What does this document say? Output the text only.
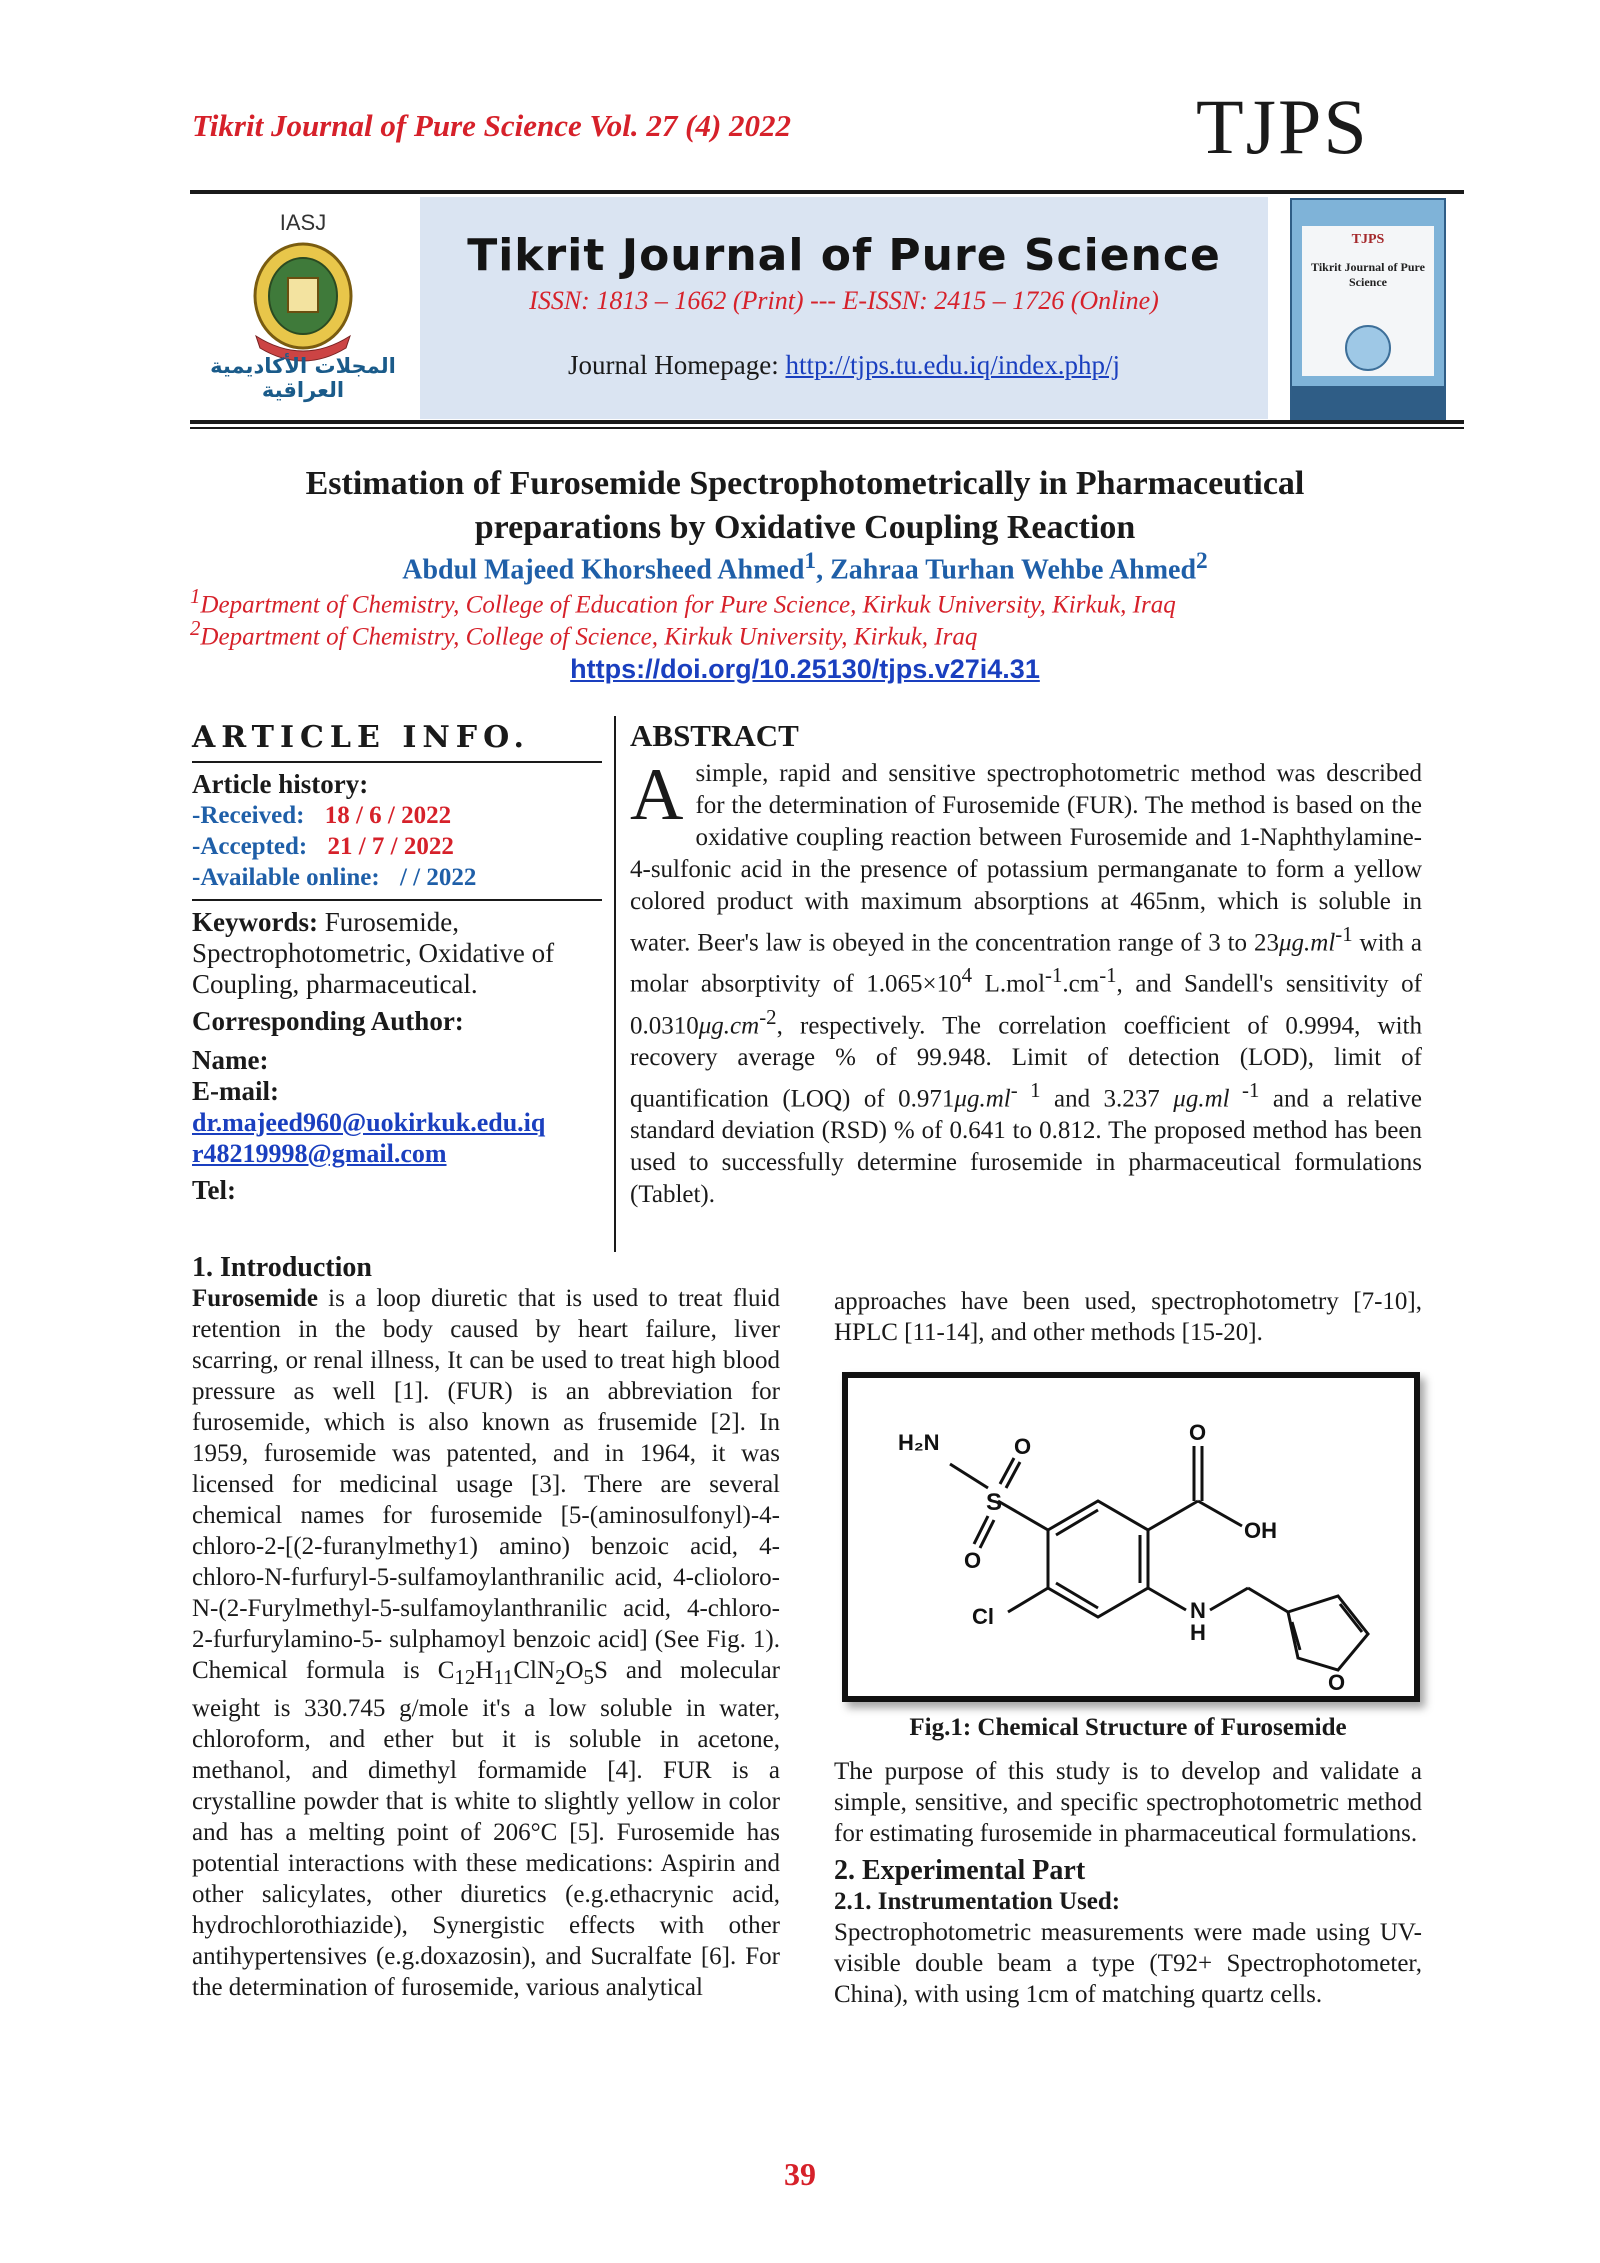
Tikrit Journal of Pure Science Vol. 27 (4) 2022	TJPS
IASJ
المجلات الأكاديمية العراقية
Tikrit Journal of Pure Science
ISSN: 1813 – 1662 (Print) --- E-ISSN: 2415 – 1726 (Online)
Journal Homepage: http://tjps.tu.edu.iq/index.php/j
TJPS
Tikrit Journal of Pure Science
Estimation of Furosemide Spectrophotometrically in Pharmaceutical
preparations by Oxidative Coupling Reaction
Abdul Majeed Khorsheed Ahmed$^1$, Zahraa Turhan Wehbe Ahmed$^2$
$^1$Department of Chemistry, College of Education for Pure Science, Kirkuk University, Kirkuk, Iraq
$^2$Department of Chemistry, College of Science, Kirkuk University, Kirkuk, Iraq
https://doi.org/10.25130/tjps.v27i4.31
ARTICLE INFO.
Article history:
-Received: 18 / 6 / 2022
-Accepted: 21 / 7 / 2022
-Available online: / / 2022
Keywords: Furosemide, Spectrophotometric, Oxidative of Coupling, pharmaceutical.
Corresponding Author:
Name:
E-mail:
dr.majeed960@uokirkuk.edu.iq
r48219998@gmail.com
Tel:
ABSTRACT

Asimple, rapid and sensitive spectrophotometric method was described for the determination of Furosemide (FUR). The method is based on the oxidative coupling reaction between Furosemide and 1-Naphthylamine-4-sulfonic acid in the presence of potassium permanganate to form a yellow colored product with maximum absorptions at 465nm, which is soluble in water. Beer's law is obeyed in the concentration range of 3 to $23\mu g.ml^{-1}$ with a molar absorptivity of $1.065\times 10^4$ $L.mol^{-1}.cm^{-1}$, and Sandell's sensitivity of $0.0310\mu g.cm^{-2}$, respectively. The correlation coefficient of 0.9994, with recovery average % of 99.948. Limit of detection (LOD), limit of quantification (LOQ) of $0.971\mu g.ml^{- 1}$ and 3.237 μg.ml $^{-1}$ and a relative standard deviation (RSD) % of 0.641 to 0.812. The proposed method has been used to successfully determine furosemide in pharmaceutical formulations (Tablet).

1. Introduction

Furosemide is a loop diuretic that is used to treat fluid retention in the body caused by heart failure, liver scarring, or renal illness, It can be used to treat high blood pressure as well [1]. (FUR) is an abbreviation for furosemide, which is also known as frusemide [2]. In 1959, furosemide was patented, and in 1964, it was licensed for medicinal usage [3]. There are several chemical names for furosemide [5-(aminosulfonyl)-4-chloro-2-[(2-furanylmethy1) amino) benzoic acid, 4-chloro-N-furfuryl-5-sulfamoylanthranilic acid, 4-clioloro-N-(2-Furylmethyl-5-sulfamoylanthranilic acid, 4-chloro-2-furfurylamino-5- sulphamoyl benzoic acid] (See Fig. 1). Chemical formula is $C_{12}H_{11}ClN_2O_5S$ and molecular weight is 330.745 g/mole it's a low soluble in water, chloroform, and ether but it is soluble in acetone, methanol, and dimethyl formamide [4]. FUR is a crystalline powder that is white to slightly yellow in color and has a melting point of 206°C [5]. Furosemide has potential interactions with these medications: Aspirin and other salicylates, other diuretics (e.g.ethacrynic acid, hydrochlorothiazide), Synergistic effects with other antihypertensives (e.g.doxazosin), and Sucralfate [6]. For the determination of furosemide, various analytical

approaches have been used, spectrophotometry [7-10], HPLC [11-14], and other methods [15-20].

H₂N
S
O
O
O
OH
Cl	N
H
O
Fig.1: Chemical Structure of Furosemide

The purpose of this study is to develop and validate a simple, sensitive, and specific spectrophotometric method for estimating furosemide in pharmaceutical formulations.

2. Experimental Part
2.1. Instrumentation Used:

Spectrophotometric measurements were made using UV-visible double beam a type (T92+ Spectrophotometer, China), with using 1cm of matching quartz cells.

39
